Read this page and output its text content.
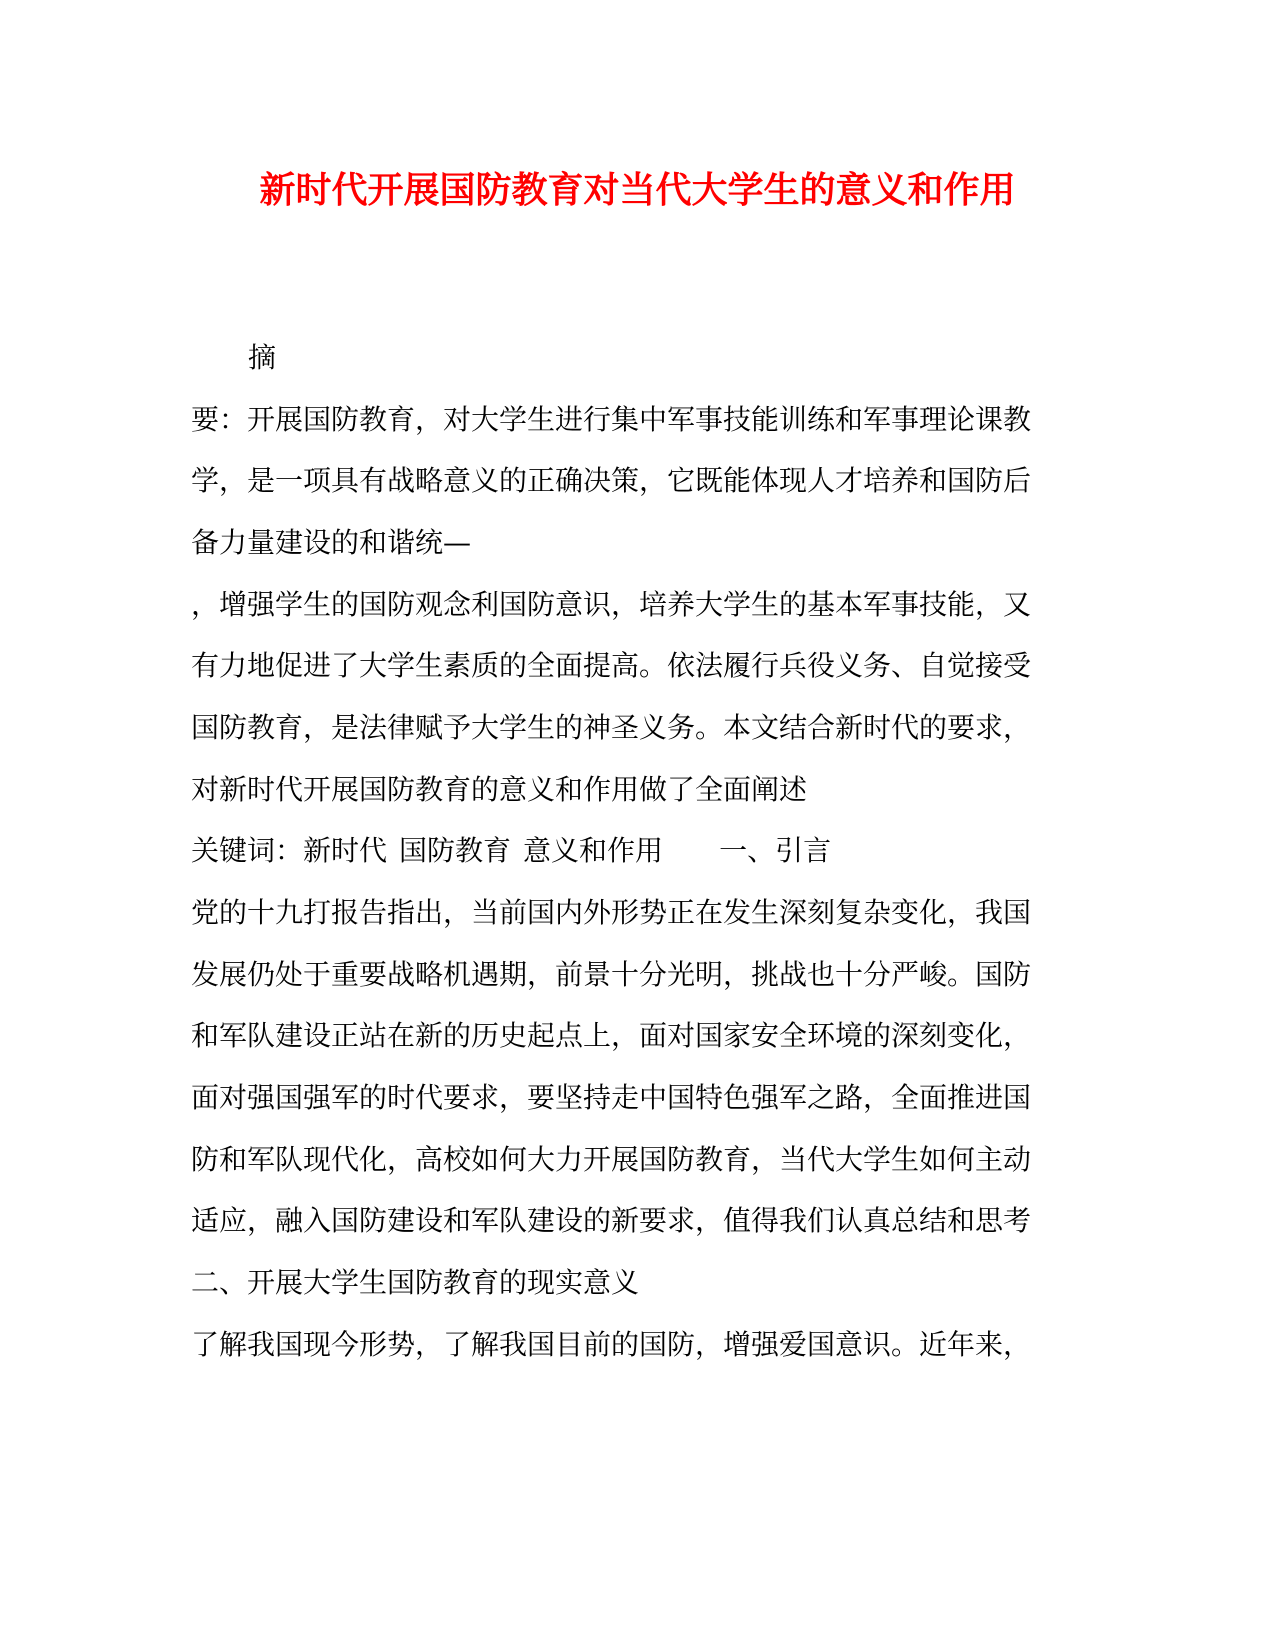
新时代开展国防教育对当代大学生的意义和作用
摘
要：开展国防教育，对大学生进行集中军事技能训练和军事理论课教
学，是一项具有战略意义的正确决策，它既能体现人才培养和国防后
备力量建设的和谐统—
，增强学生的国防观念利国防意识，培养大学生的基本军事技能，又
有力地促进了大学生素质的全面提高。依法履行兵役义务、自觉接受
国防教育，是法律赋予大学生的神圣义务。本文结合新时代的要求，
对新时代开展国防教育的意义和作用做了全面阐述
关键词：新时代 国防教育 意义和作用 一、引言
党的十九打报告指出，当前国内外形势正在发生深刻复杂变化，我国
发展仍处于重要战略机遇期，前景十分光明，挑战也十分严峻。国防
和军队建设正站在新的历史起点上，面对国家安全环境的深刻变化，
面对强国强军的时代要求，要坚持走中国特色强军之路，全面推进国
防和军队现代化，高校如何大力开展国防教育，当代大学生如何主动
适应，融入国防建设和军队建设的新要求，值得我们认真总结和思考
二、开展大学生国防教育的现实意义
了解我国现今形势，了解我国目前的国防，增强爱国意识。近年来，
